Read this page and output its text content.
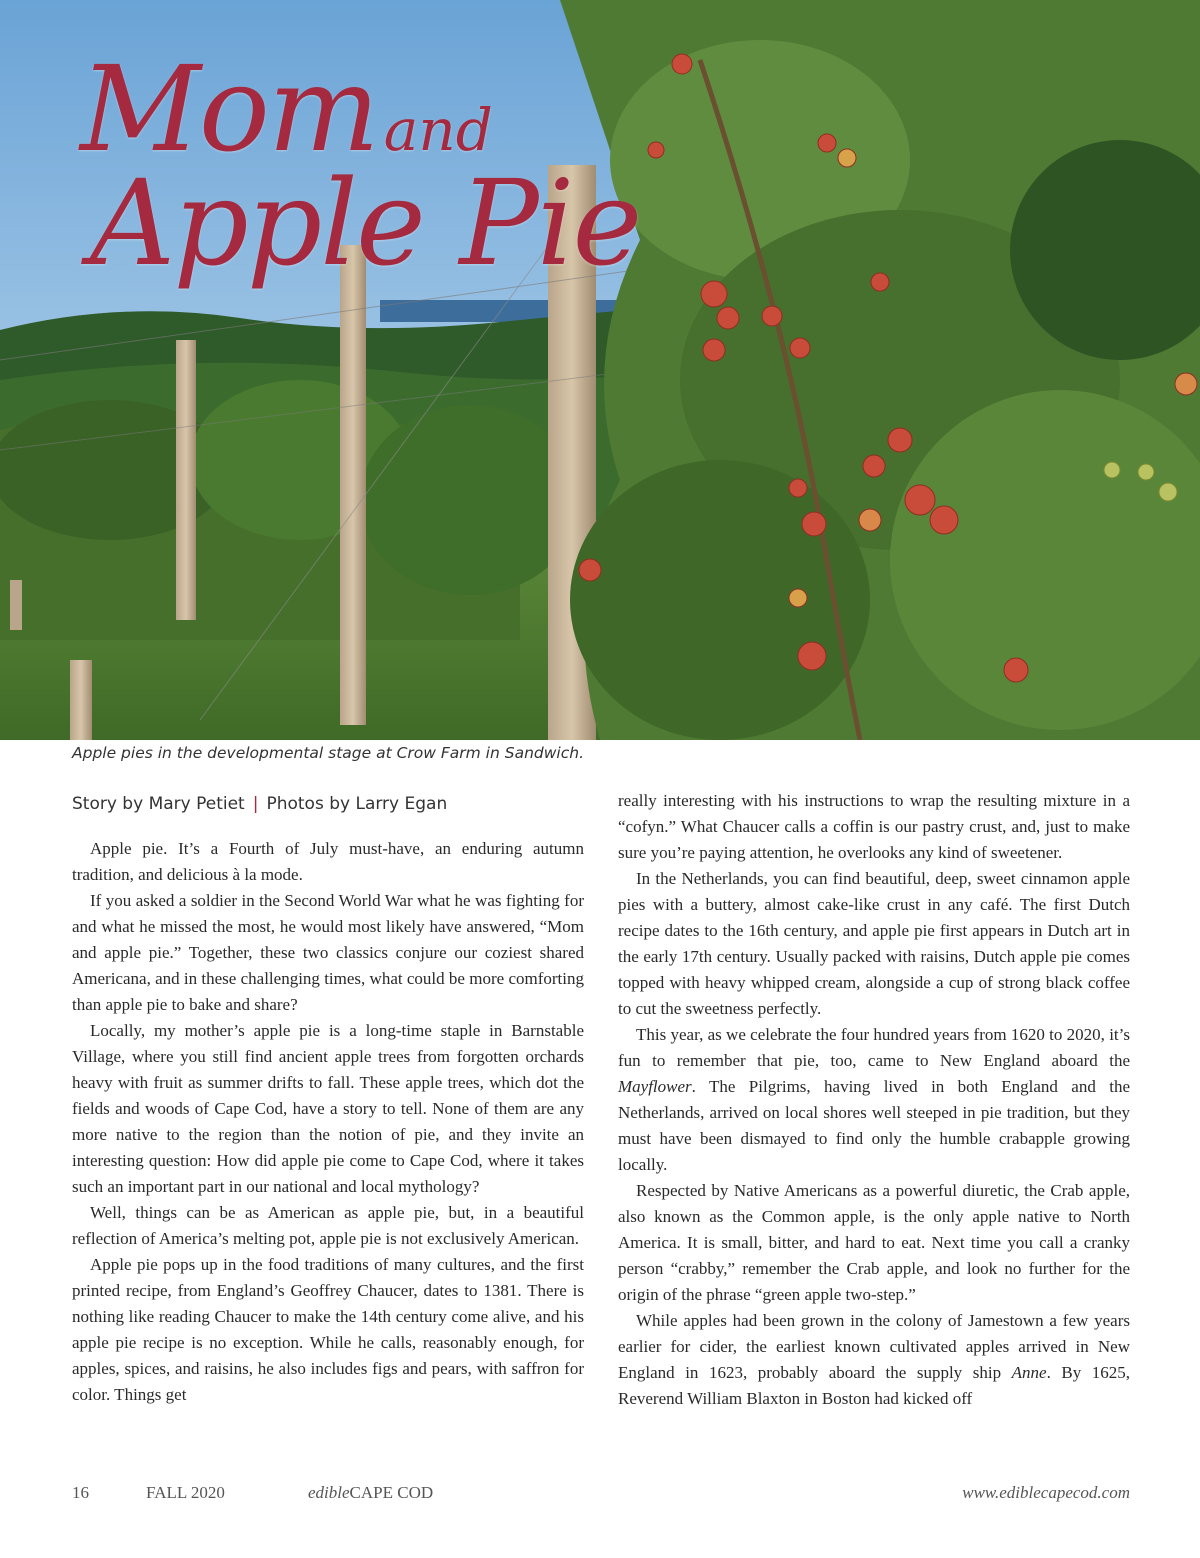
Mom and
Apple Pie
Apple pies in the developmental stage at Crow Farm in Sandwich.
Story by Mary Petiet | Photos by Larry Egan

Apple pie. It’s a Fourth of July must-have, an enduring autumn tradition, and delicious à la mode.

If you asked a soldier in the Second World War what he was fighting for and what he missed the most, he would most likely have answered, “Mom and apple pie.” Together, these two classics conjure our coziest shared Americana, and in these challenging times, what could be more comforting than apple pie to bake and share?

Locally, my mother’s apple pie is a long-time staple in Barnstable Village, where you still find ancient apple trees from forgotten orchards heavy with fruit as summer drifts to fall. These apple trees, which dot the fields and woods of Cape Cod, have a story to tell. None of them are any more native to the region than the notion of pie, and they invite an interesting question: How did apple pie come to Cape Cod, where it takes such an important part in our national and local mythology?

Well, things can be as American as apple pie, but, in a beautiful reflection of America’s melting pot, apple pie is not exclusively American.

Apple pie pops up in the food traditions of many cultures, and the first printed recipe, from England’s Geoffrey Chaucer, dates to 1381. There is nothing like reading Chaucer to make the 14th century come alive, and his apple pie recipe is no exception. While he calls, reasonably enough, for apples, spices, and raisins, he also includes figs and pears, with saffron for color. Things get

really interesting with his instructions to wrap the resulting mixture in a “cofyn.” What Chaucer calls a coffin is our pastry crust, and, just to make sure you’re paying attention, he overlooks any kind of sweetener.

In the Netherlands, you can find beautiful, deep, sweet cinnamon apple pies with a buttery, almost cake-like crust in any café. The first Dutch recipe dates to the 16th century, and apple pie first appears in Dutch art in the early 17th century. Usually packed with raisins, Dutch apple pie comes topped with heavy whipped cream, alongside a cup of strong black coffee to cut the sweetness perfectly.

This year, as we celebrate the four hundred years from 1620 to 2020, it’s fun to remember that pie, too, came to New England aboard the Mayflower. The Pilgrims, having lived in both England and the Netherlands, arrived on local shores well steeped in pie tradition, but they must have been dismayed to find only the humble crabapple growing locally.

Respected by Native Americans as a powerful diuretic, the Crab apple, also known as the Common apple, is the only apple native to North America. It is small, bitter, and hard to eat. Next time you call a cranky person “crabby,” remember the Crab apple, and look no further for the origin of the phrase “green apple two-step.”

While apples had been grown in the colony of Jamestown a few years earlier for cider, the earliest known cultivated apples arrived in New England in 1623, probably aboard the supply ship Anne. By 1625, Reverend William Blaxton in Boston had kicked off

16	FALL 2020	edible CAPE COD	www.ediblecapecod.com
